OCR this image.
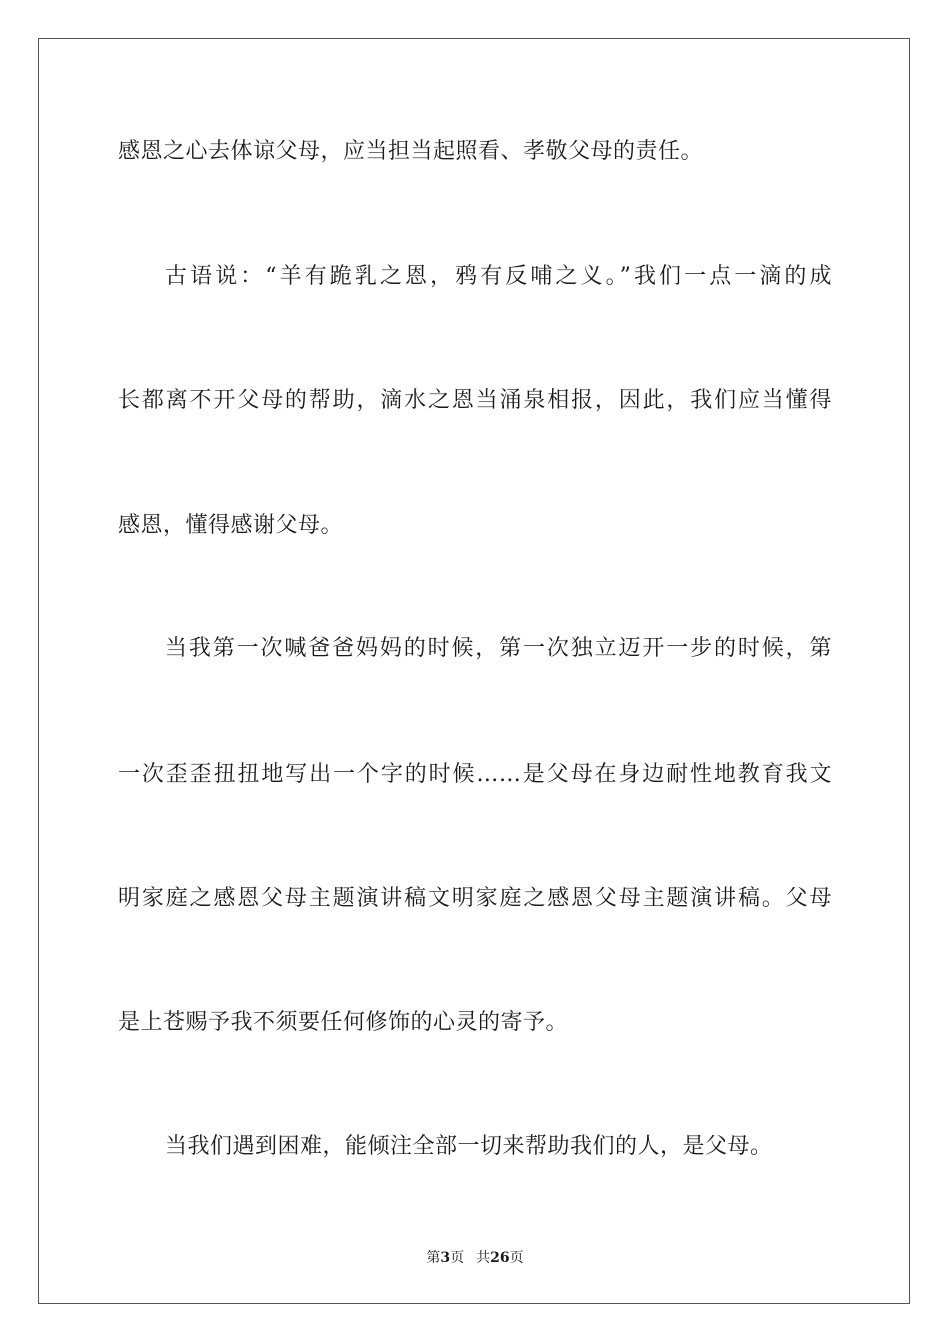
感恩之心去体谅父母，应当担当起照看、孝敬父母的责任。
古语说：“羊有跪乳之恩，鸦有反哺之义。”我们一点一滴的成
长都离不开父母的帮助，滴水之恩当涌泉相报，因此，我们应当懂得
感恩，懂得感谢父母。
当我第一次喊爸爸妈妈的时候，第一次独立迈开一步的时候，第
一次歪歪扭扭地写出一个字的时候……是父母在身边耐性地教育我文
明家庭之感恩父母主题演讲稿文明家庭之感恩父母主题演讲稿。父母
是上苍赐予我不须要任何修饰的心灵的寄予。
当我们遇到困难，能倾注全部一切来帮助我们的人，是父母。
第3页 共26页
